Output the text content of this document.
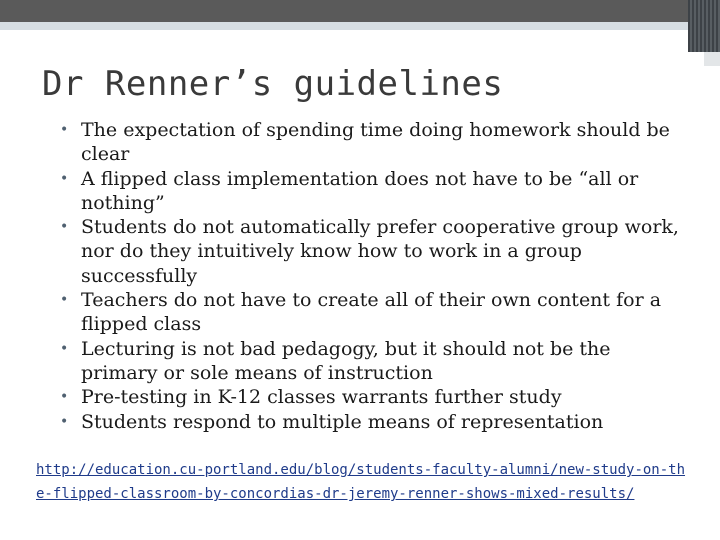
Dr Renner’s guidelines
• The expectation of spending time doing homework should be clear
• A flipped class implementation does not have to be “all or nothing”
• Students do not automatically prefer cooperative group work, nor do they intuitively know how to work in a group successfully
• Teachers do not have to create all of their own content for a flipped class
• Lecturing is not bad pedagogy, but it should not be the primary or sole means of instruction
• Pre-testing in K-12 classes warrants further study
• Students respond to multiple means of representation
http://education.cu-portland.edu/blog/students-faculty-alumni/new-study-on-the-flipped-classroom-by-concordias-dr-jeremy-renner-shows-mixed-results/
